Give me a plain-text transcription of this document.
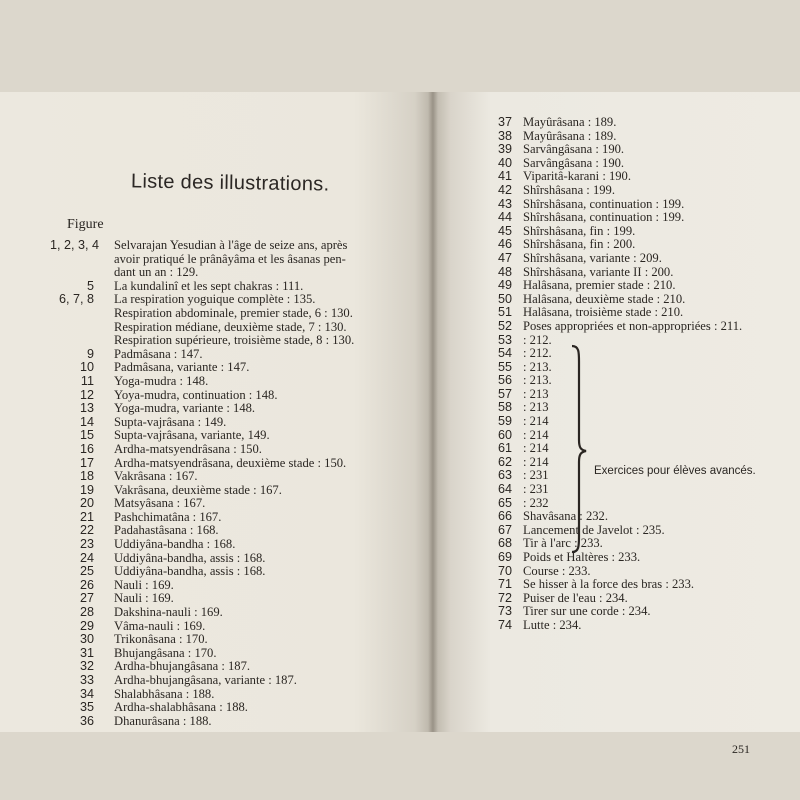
Liste des illustrations.
Figure
1, 2, 3, 4 Selvarajan Yesudian à l'âge de seize ans, après
avoir pratiqué le prânâyâma et les âsanas pen-
dant un an : 129.
5 La kundalinî et les sept chakras : 111.
6, 7, 8 La respiration yoguique complète : 135.
Respiration abdominale, premier stade, 6 : 130.
Respiration médiane, deuxième stade, 7 : 130.
Respiration supérieure, troisième stade, 8 : 130.
9 Padmâsana : 147.
10 Padmâsana, variante : 147.
11 Yoga-mudra : 148.
12 Yoya-mudra, continuation : 148.
13 Yoga-mudra, variante : 148.
14 Supta-vajrâsana : 149.
15 Supta-vajrâsana, variante, 149.
16 Ardha-matsyendrâsana : 150.
17 Ardha-matsyendrâsana, deuxième stade : 150.
18 Vakrâsana : 167.
19 Vakrâsana, deuxième stade : 167.
20 Matsyâsana : 167.
21 Pashchimatâna : 167.
22 Padahastâsana : 168.
23 Uddiyâna-bandha : 168.
24 Uddiyâna-bandha, assis : 168.
25 Uddiyâna-bandha, assis : 168.
26 Nauli : 169.
27 Nauli : 169.
28 Dakshina-nauli : 169.
29 Vâma-nauli : 169.
30 Trikonâsana : 170.
31 Bhujangâsana : 170.
32 Ardha-bhujangâsana : 187.
33 Ardha-bhujangâsana, variante : 187.
34 Shalabhâsana : 188.
35 Ardha-shalabhâsana : 188.
36 Dhanurâsana : 188.
37 Mayûrâsana : 189.
38 Mayûrâsana : 189.
39 Sarvângâsana : 190.
40 Sarvângâsana : 190.
41 Viparitâ-karani : 190.
42 Shîrshâsana : 199.
43 Shîrshâsana, continuation : 199.
44 Shîrshâsana, continuation : 199.
45 Shîrshâsana, fin : 199.
46 Shîrshâsana, fin : 200.
47 Shîrshâsana, variante : 209.
48 Shîrshâsana, variante II : 200.
49 Halâsana, premier stade : 210.
50 Halâsana, deuxième stade : 210.
51 Halâsana, troisième stade : 210.
52 Poses appropriées et non-appropriées : 211.
53 : 212.
54 : 212.
55 : 213.
56 : 213.
57 : 213
58 : 213
59 : 214
60 : 214
61 : 214
62 : 214
63 : 231
64 : 231
65 : 232
66 Shavâsana : 232.
67 Lancement de Javelot : 235.
68 Tir à l'arc : 233.
69 Poids et Haltères : 233.
70 Course : 233.
71 Se hisser à la force des bras : 233.
72 Puiser de l'eau : 234.
73 Tirer sur une corde : 234.
74 Lutte : 234.
Exercices pour élèves avancés.
251
